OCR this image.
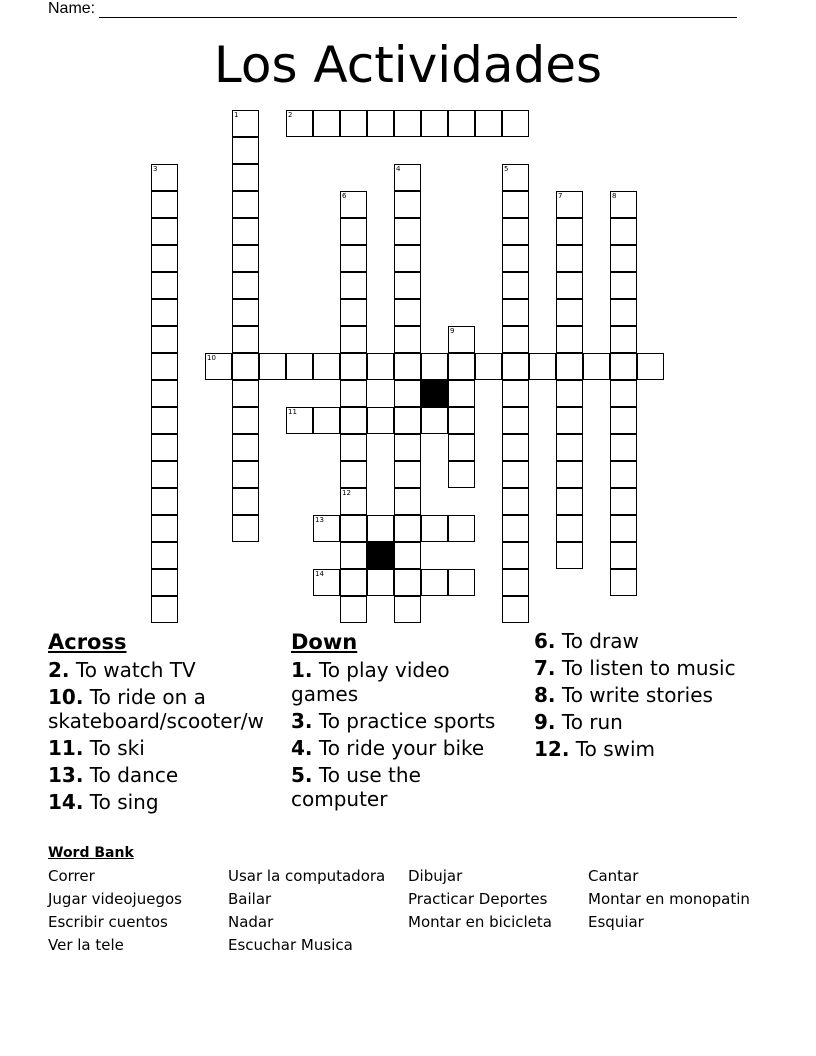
Name:
Los Actividades
3
1	2
6
12
4	5
7	8
9
10
11
13
14
Across
2. To watch TV
10. To ride on a skateboard/scooter/w
11. To ski
13. To dance
14. To sing
Down
1. To play video games
3. To practice sports
4. To ride your bike
5. To use the computer
6. To draw
7. To listen to music
8. To write stories
9. To run
12. To swim
Word Bank
Correr	Usar la computadora	Dibujar	Cantar
Jugar videojuegos	Bailar	Practicar Deportes	Montar en monopatin
Escribir cuentos	Nadar	Montar en bicicleta	Esquiar
Ver la tele	Escuchar Musica
